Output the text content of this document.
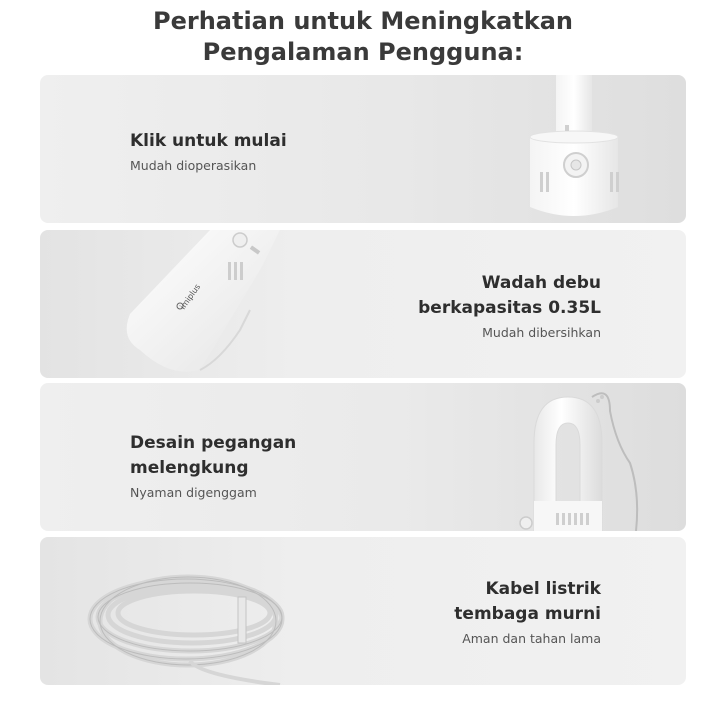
Perhatian untuk Meningkatkan
Pengalaman Pengguna:
Klik untuk mulai
Mudah dioperasikan
imiplus	Wadah debu
berkapasitas 0.35L
Mudah dibersihkan
Desain pegangan
melengkung
Nyaman digenggam
Kabel listrik
tembaga murni
Aman dan tahan lama
